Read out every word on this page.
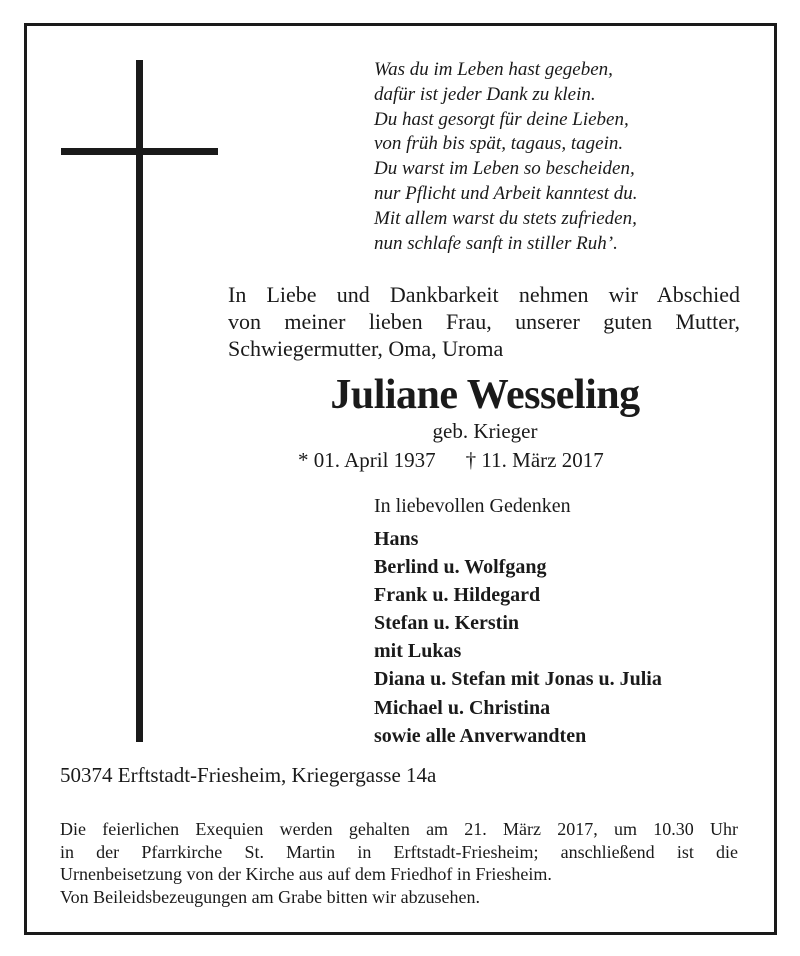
Was du im Leben hast gegeben,
dafür ist jeder Dank zu klein.
Du hast gesorgt für deine Lieben,
von früh bis spät, tagaus, tagein.
Du warst im Leben so bescheiden,
nur Pflicht und Arbeit kanntest du.
Mit allem warst du stets zufrieden,
nun schlafe sanft in stiller Ruh’.
In Liebe und Dankbarkeit nehmen wir Abschied
von meiner lieben Frau, unserer guten Mutter,
Schwiegermutter, Oma, Uroma
Juliane Wesseling
geb. Krieger
* 01. April 1937 † 11. März 2017
In liebevollen Gedenken
Hans
Berlind u. Wolfgang
Frank u. Hildegard
Stefan u. Kerstin
mit Lukas
Diana u. Stefan mit Jonas u. Julia
Michael u. Christina
sowie alle Anverwandten
50374 Erftstadt-Friesheim, Kriegergasse 14a
Die feierlichen Exequien werden gehalten am 21. März 2017, um 10.30 Uhr
in der Pfarrkirche St. Martin in Erftstadt-Friesheim; anschließend ist die
Urnenbeisetzung von der Kirche aus auf dem Friedhof in Friesheim.
Von Beileidsbezeugungen am Grabe bitten wir abzusehen.
